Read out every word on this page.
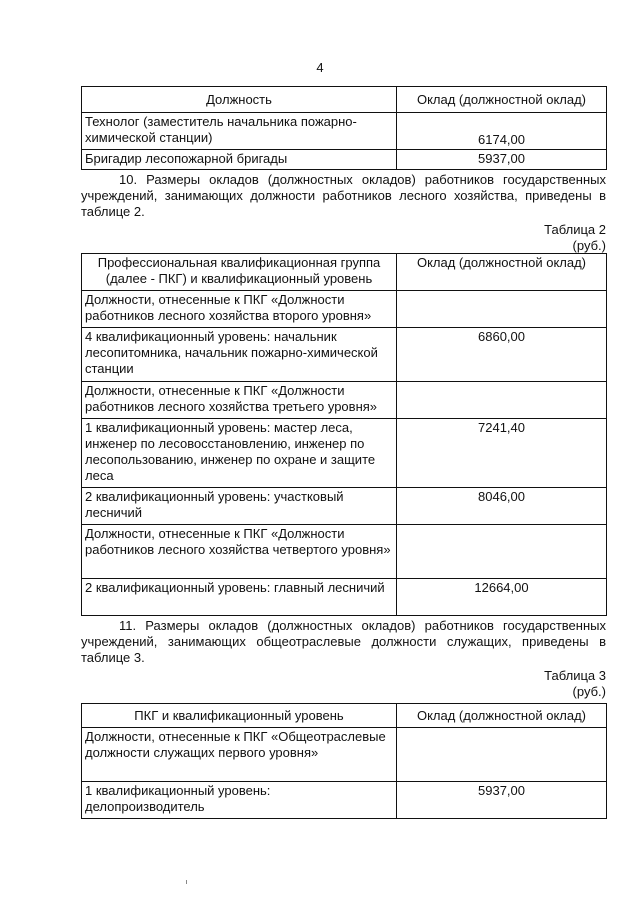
4
Должность	Оклад (должностной оклад)
Технолог (заместитель начальника пожарно-химической станции)	6174,00
Бригадир лесопожарной бригады	5937,00
10. Размеры окладов (должностных окладов) работников государственных учреждений, занимающих должности работников лесного хозяйства, приведены в таблице 2.
Таблица 2
(руб.)
Профессиональная квалификационная группа (далее - ПКГ) и квалификационный уровень	Оклад (должностной оклад)
Должности, отнесенные к ПКГ «Должности работников лесного хозяйства второго уровня»	
4 квалификационный уровень: начальник лесопитомника, начальник пожарно-химической станции	6860,00
Должности, отнесенные к ПКГ «Должности работников лесного хозяйства третьего уровня»	
1 квалификационный уровень: мастер леса, инженер по лесовосстановлению, инженер по лесопользованию, инженер по охране и защите леса	7241,40
2 квалификационный уровень: участковый лесничий	8046,00
Должности, отнесенные к ПКГ «Должности работников лесного хозяйства четвертого уровня»	
2 квалификационный уровень: главный лесничий	12664,00
11. Размеры окладов (должностных окладов) работников государственных учреждений, занимающих общеотраслевые должности служащих, приведены в таблице 3.
Таблица 3
(руб.)
ПКГ и квалификационный уровень	Оклад (должностной оклад)
Должности, отнесенные к ПКГ «Общеотраслевые должности служащих первого уровня»	
1 квалификационный уровень: делопроизводитель	5937,00
